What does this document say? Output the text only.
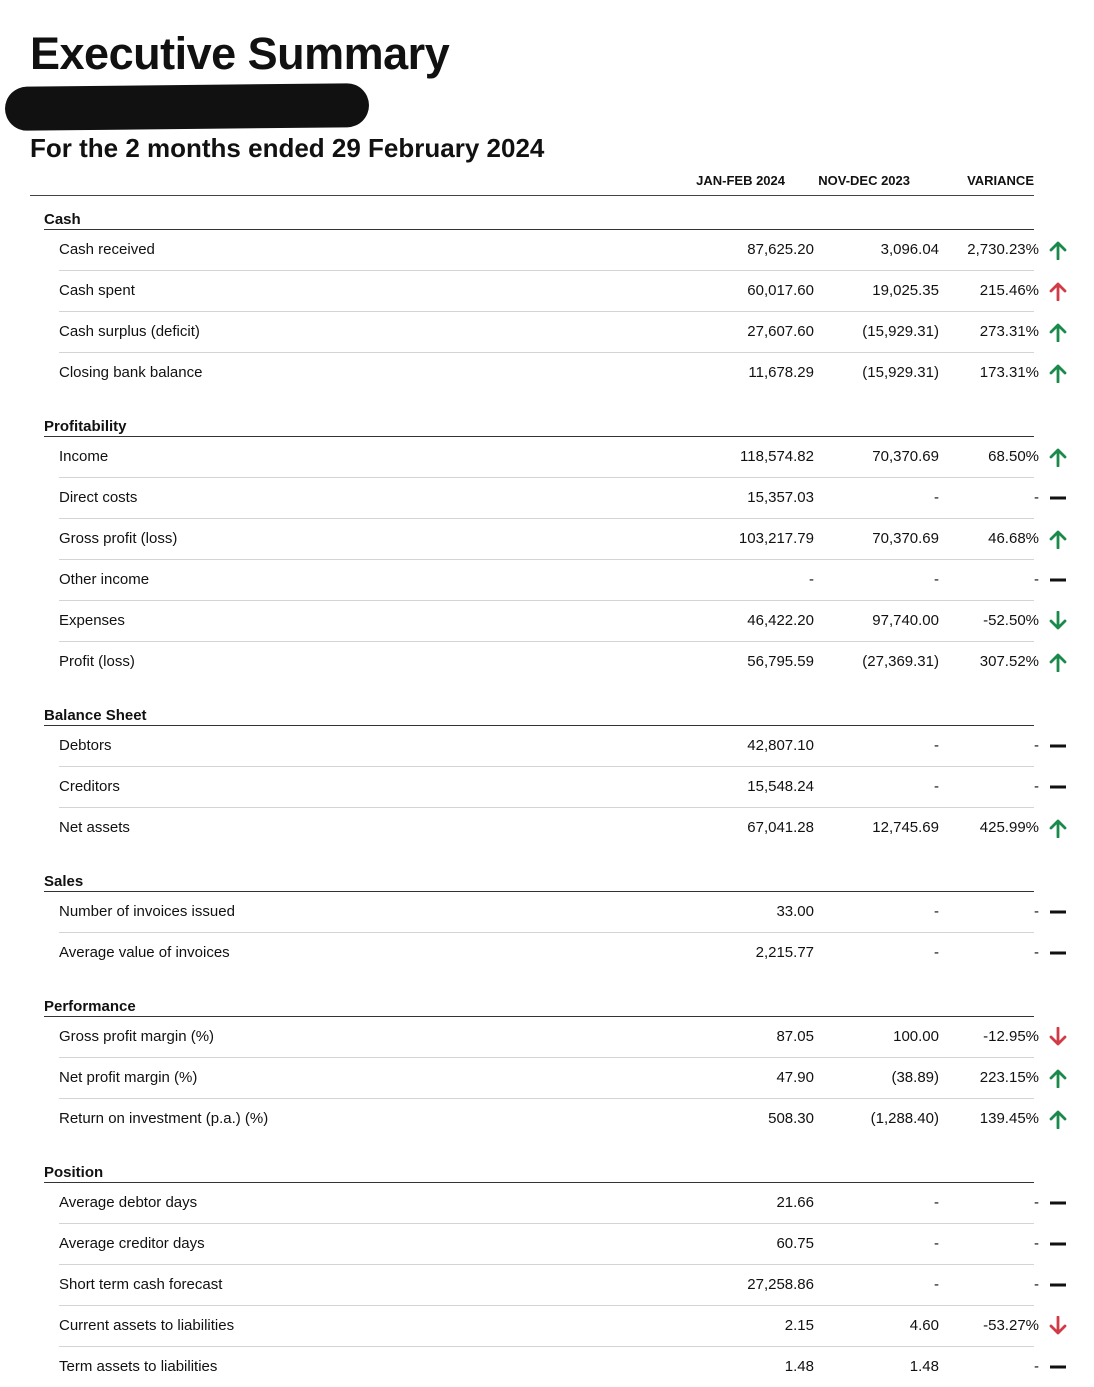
Executive Summary
For the 2 months ended 29 February 2024
JAN-FEB 2024	NOV-DEC 2023	VARIANCE
Cash
Cash received	87,625.20	3,096.04 2,730.23%
Cash spent	60,017.60	19,025.35	215.46%
Cash surplus (deficit)	27,607.60	(15,929.31)	273.31%
Closing bank balance	11,678.29	(15,929.31)	173.31%
Profitability
Income	118,574.82	70,370.69	68.50%
Direct costs	15,357.03	-	-
Gross profit (loss)	103,217.79	70,370.69	46.68%
Other income	-	-	-
Expenses	46,422.20	97,740.00	-52.50%
Profit (loss)	56,795.59	(27,369.31)	307.52%
Balance Sheet
Debtors	42,807.10	-	-
Creditors	15,548.24	-	-
Net assets	67,041.28	12,745.69	425.99%
Sales
Number of invoices issued	33.00	-	-
Average value of invoices	2,215.77	-	-
Performance
Gross profit margin (%)	87.05	100.00	-12.95%
Net profit margin (%)	47.90	(38.89)	223.15%
Return on investment (p.a.) (%)	508.30	(1,288.40)	139.45%
Position
Average debtor days	21.66	-	-
Average creditor days	60.75	-	-
Short term cash forecast	27,258.86	-	-
Current assets to liabilities	2.15	4.60	-53.27%
Term assets to liabilities	1.48	1.48	-
